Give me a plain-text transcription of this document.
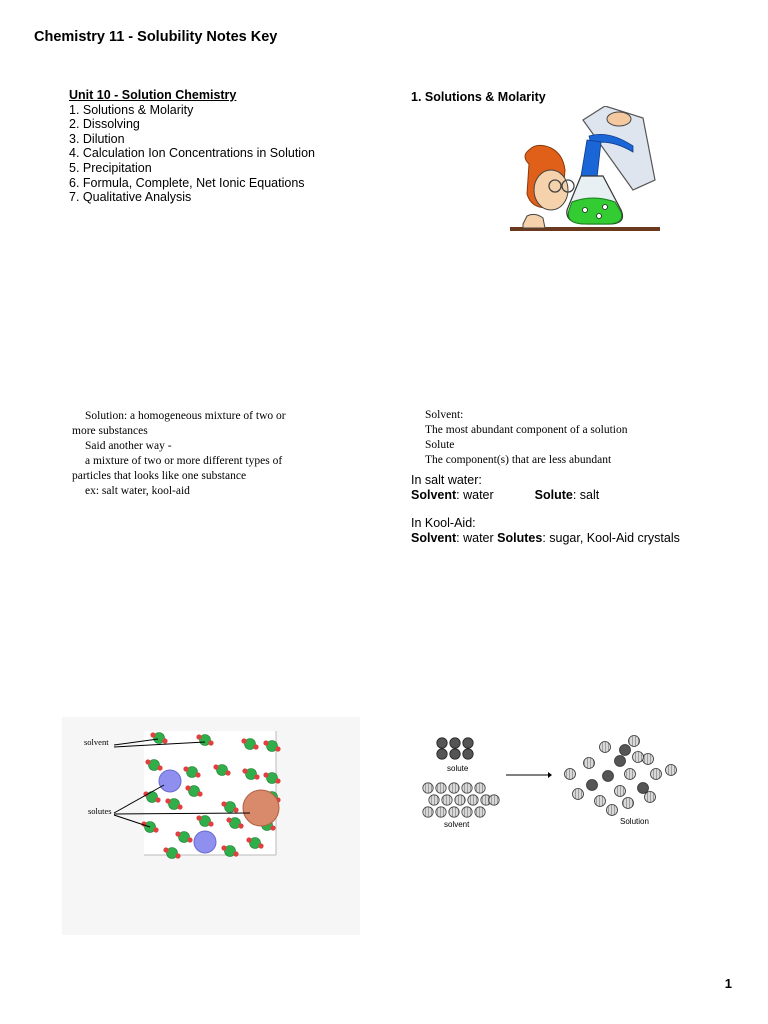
Chemistry 11 - Solubility Notes Key
Unit 10 - Solution Chemistry
1. Solutions & Molarity
2. Dissolving
3. Dilution
4. Calculation Ion Concentrations in Solution
5. Precipitation
6. Formula, Complete, Net Ionic Equations
7. Qualitative Analysis
1. Solutions & Molarity
Solution: a homogeneous mixture of two or
more substances
Said another way -
a mixture of two or more different types of
particles that looks like one substance
ex: salt water, kool-aid
Solvent:
The most abundant component of a solution
Solute
The component(s) that are less abundant
In salt water:
Solvent: water	Solute: salt
In Kool-Aid:
Solvent: water Solutes: sugar, Kool-Aid crystals
solvent
solutes
solute
solvent	Solution
1
